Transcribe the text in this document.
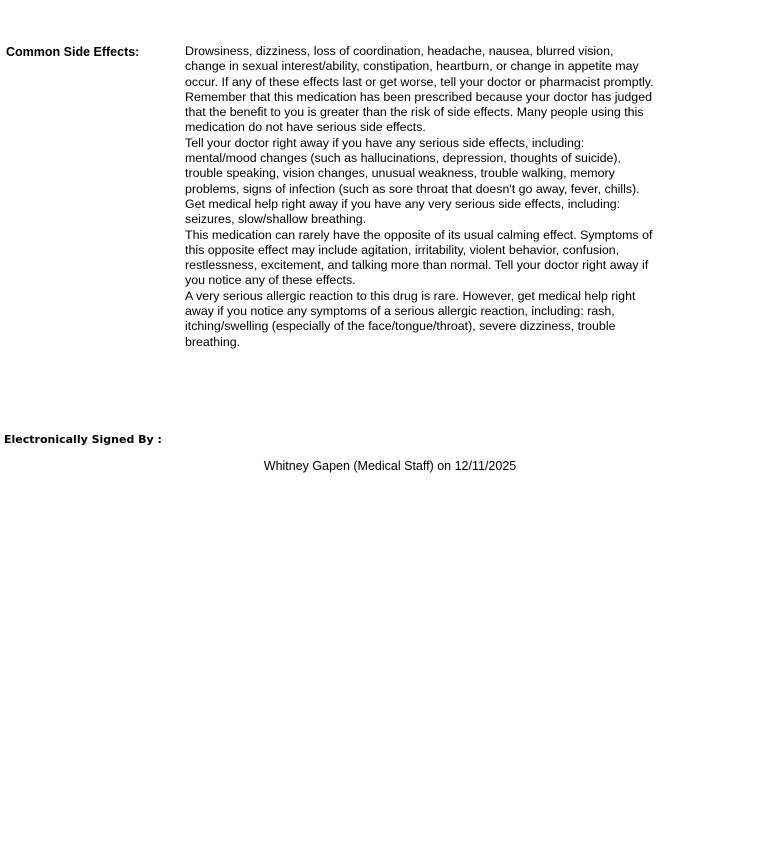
Common Side Effects:	Drowsiness, dizziness, loss of coordination, headache, nausea, blurred vision, change in sexual interest/ability, constipation, heartburn, or change in appetite may occur. If any of these effects last or get worse, tell your doctor or pharmacist promptly.

Remember that this medication has been prescribed because your doctor has judged that the benefit to you is greater than the risk of side effects. Many people using this medication do not have serious side effects.

Tell your doctor right away if you have any serious side effects, including: mental/mood changes (such as hallucinations, depression, thoughts of suicide), trouble speaking, vision changes, unusual weakness, trouble walking, memory problems, signs of infection (such as sore throat that doesn't go away, fever, chills).

Get medical help right away if you have any very serious side effects, including: seizures, slow/shallow breathing.

This medication can rarely have the opposite of its usual calming effect. Symptoms of this opposite effect may include agitation, irritability, violent behavior, confusion, restlessness, excitement, and talking more than normal. Tell your doctor right away if you notice any of these effects.

A very serious allergic reaction to this drug is rare. However, get medical help right away if you notice any symptoms of a serious allergic reaction, including: rash, itching/swelling (especially of the face/tongue/throat), severe dizziness, trouble breathing.

Electronically Signed By :
Whitney Gapen (Medical Staff) on 12/11/2025
